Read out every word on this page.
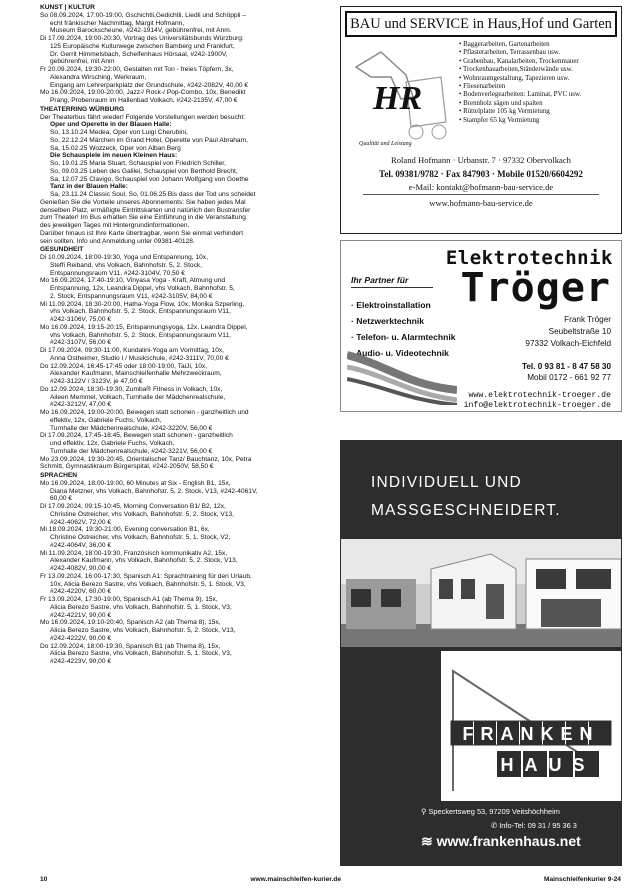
KUNST | KULTUR
So 08.09.2024, 17:00-19:00, Gschichtli,Gedichtli, Liedli und Schöppli –
echt fränkischer Nachmittag, Margit Hofmann,
Museum Barockscheune, #242-1914V, gebührenfrei, mit Anm.
Di 17.09.2024, 19:00-20:30, Vortrag des Universitätsbunds Würzburg:
125 Europäische Kulturwege zwischen Bamberg und Frankfurt,
Dr. Gerrit Himmelsbach, Schelfenhaus Hörsaal, #242-1900V,
gebührenfrei, mit Anm
Fr 20.09.2024, 19:30-22:00, Gestalten mit Ton - freies Töpfern, 3x,
Alexandra Wirsching, Werkraum,
Eingang am Lehrerparkplatz der Grundschule, #242-2082V, 40,00 €
Mo 16.09.2024, 19:00-20:00, Jazz-/ Rock-/ Pop-Combo, 10x, Benedikt
Prang, Probenraum im Hallenbad Volkach, #242-2135V, 47,00 €
THEATERRING WÜRBURG
Der Theaterbus fährt wieder! Folgende Vorstellungen werden besucht:
Oper und Operette in der Blauen Halle:
So, 13.10.24 Medea, Oper von Luigi Cherubini,
So, 22.12.24 Märchen im Grand Hotel, Operette von Paul Abraham,
Sa, 15.02.25 Wozzeck, Oper von Alban Berg
Die Schauspiele im neuen Kleinen Haus:
So, 19.01.25 Maria Stuart, Schauspiel von Friedrich Schiller,
So, 09.03.25 Leben des Galilei, Schauspiel von Berthold Brecht,
Sa, 12.07.25 Clavigo, Schauspiel von Johann Wolfgang von Goethe
Tanz in der Blauen Halle:
Sa, 23.11.24 Classic Soul, So, 01.06.25 Bis dass der Tod uns scheidet
Genießen Sie die Vorteile unseres Abonnements: Sie haben jedes Mal
denselben Platz, ermäßigte Eintrittskarten und natürlich den Bustransfer
zum Theater! Im Bus erhalten Sie eine Einführung in die Veranstaltung
des jeweiligen Tages mit Hintergrundinformationen.
Darüber hinaus ist Ihre Karte übertragbar, wenn Sie einmal verhindert
sein sollten. Info und Anmeldung unter 09381-40128.
GESUNDHEIT
Di 10.09.2024, 18:00-19:30, Yoga und Entspannung, 10x,
Steffi Reiband, vhs Volkach, Bahnhofstr. 5, 2. Stock,
Entspannungsraum V11, #242-3104V, 70,50 €
Mo 16.09.2024, 17:40-19:10, Vinyasa Yoga - Kraft, Atmung und
Entspannung, 12x, Leandra Dippel, vhs Volkach, Bahnhofstr. 5,
2. Stock, Entspannungsraum V11, #242-3105V, 84,00 €
Mi 11.09.2024, 18:30-20:00, Hatha-Yoga Flow, 10x, Monika Szperling,
vhs Volkach, Bahnhofstr. 5, 2. Stock, Entspannungsraum V11,
#242-3106V, 75,00 €
Mo 16.09.2024, 19:15-20:15, Entspannungsyoga, 12x, Leandra Dippel,
vhs Volkach, Bahnhofstr. 5, 2. Stock, Entspannungsraum V11,
#242-3107V, 56,00 €
Di 17.09.2024, 09:30-11:00, Kundalini-Yoga am Vormittag, 10x,
Anna Ostheimer, Studio I / Musikschule, #242-3111V, 70,00 €
Do 12.09.2024, 16:45-17:45 oder 18:00-19:00, TaiJi, 10x,
Alexander Kaufmann, Mainschleifenhalle Mehrzweckraum,
#242-3122V / 3123V, je 47,00 €
Do 12.09.2024, 18:30-19:30, Zumba® Fitness in Volkach, 10x,
Aileen Memmel, Volkach, Turnhalle der Mädchenrealschule,
#242-3212V, 47,00 €
Mo 16.09.2024, 19:00-20:00, Bewegen statt schonen - ganzheitlich und
effektiv, 12x, Gabriele Fuchs, Volkach,
Turnhalle der Mädchenrealschule, #242-3220V, 56,00 €
Di 17.09.2024, 17:45-18:45, Bewegen statt schonen - ganzheitlich
und effektiv, 12x, Gabriele Fuchs, Volkach,
Turnhalle der Mädchenrealschule, #242-3221V, 56,00 €
Mo 23.09.2024, 19:30-20:45, Orientalischer Tanz/ Bauchtanz, 10x, Petra
Schmitt, Gymnastikraum Bürgerspital, #242-2050V, 58,50 €
SPRACHEN
Mo 16.09.2024, 18:00-19:00, 60 Minutes at Six - English B1, 15x,
Diana Metzner, vhs Volkach, Bahnhofstr. 5, 2. Stock, V13, #242-4061V,
60,00 €
Di 17.09.2024, 09:15-10:45, Morning Conversation B1/ B2, 12x,
Christine Östreicher, vhs Volkach, Bahnhofstr. 5, 2. Stock, V13,
#242-4062V, 72,00 €
Mi 18.09.2024, 19:30-21:00, Evening conversation B1, 6x,
Christine Östreicher, vhs Volkach, Bahnhofstr. 5, 1. Stock, V2,
#242-4064V, 36,00 €
Mi 11.09.2024, 18:00-19:30, Französisch kommunikativ A2, 15x,
Alexander Kaufmann, vhs Volkach, Bahnhofstr. 5, 2. Stock, V13,
#242-4082V, 90,00 €
Fr 13.09.2024, 16:00-17:30, Spanisch A1: Sprachtraining für den Urlaub,
10x, Alicia Berezo Sastre, vhs Volkach, Bahnhofstr. 5, 1. Stock, V3,
#242-4220V, 60,00 €
Fr 13.09.2024, 17:30-19:00, Spanisch A1 (ab Thema 9), 15x,
Alicia Berezo Sastre, vhs Volkach, Bahnhofstr. 5, 1. Stock, V3,
#242-4221V, 90,00 €
Mo 16.09.2024, 19:10-20:40, Spanisch A2 (ab Thema 8), 15x,
Alicia Berezo Sastre, vhs Volkach, Bahnhofstr. 5, 2. Stock, V13,
#242-4222V, 90,00 €
Do 12.09.2024, 18:00-19:30, Spanisch B1 (ab Thema 8), 15x,
Alicia Berezo Sastre, vhs Volkach, Bahnhofstr. 5, 1. Stock, V3,
#242-4223V, 90,00 €
BAU und SERVICE in Haus,Hof und Garten
HR
Qualität und Leistung
• Baggerarbeiten, Gartenarbeiten
• Pflasterarbeiten, Terrassenbau usw.
• Grabenbau, Kanalarbeiten, Trockenmauer
• Trockenbauarbeiten,Ständerwände usw.
• Wohnraumgestaltung, Tapezieren usw.
• Fliesenarbeiten
• Bodenverlegearbeiten: Laminat, PVC usw.
• Brennholz sägen und spalten
• Rüttelplatte 105 kg Vermietung
• Stampfer 65 kg Vermietung
Roland Hofmann · Urbanstr. 7 · 97332 Obervolkach
Tel. 09381/9782 · Fax 847903 · Mobile 01520/6604292
e-Mail: kontakt@hofmann-bau-service.de
www.hofmann-bau-service.de
Elektrotechnik
Tröger
Ihr Partner für
· Elektroinstallation
· Netzwerktechnik
· Telefon- u. Alarmtechnik
· Audio- u. Videotechnik
Frank Tröger
Seubeltstraße 10
97332 Volkach-Eichfeld
Tel. 0 93 81 - 8 47 58 30
Mobil 0172 - 661 92 77
www.elektrotechnik-troeger.de
info@elektrotechnik-troeger.de
INDIVIDUELL UND
MASSGESCHNEIDERT.
FRANKEN
HAUS
⚲ Speckertsweg 53, 97209 Veitshöchheim
✆ Info-Tel: 09 31 / 95 36 3
≋ www.frankenhaus.net
10	www.mainschleifen-kurier.de	Mainschleifenkurier 9-24
